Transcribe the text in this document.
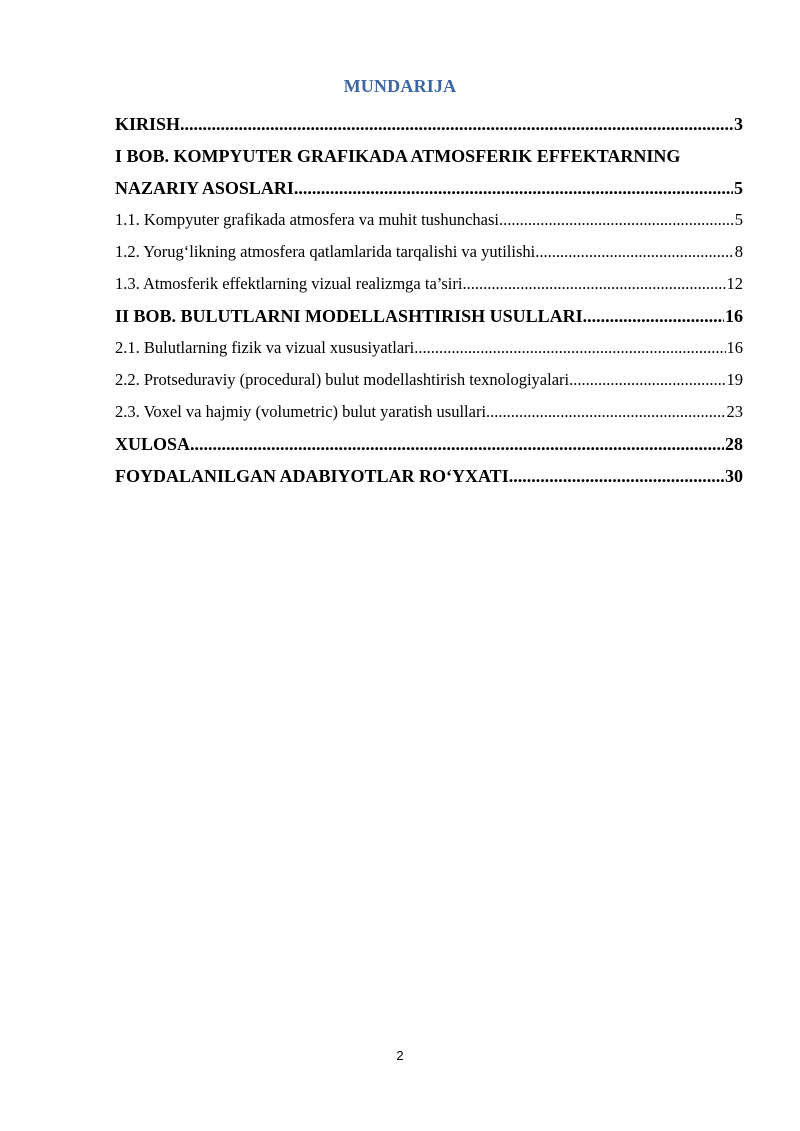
MUNDARIJA
KIRISH .....	3
I BOB. KOMPYUTER GRAFIKADA ATMOSFERIK EFFEKTARNING
NAZARIY ASOSLARI .....	5
1.1. Kompyuter grafikada atmosfera va muhit tushunchasi .....	5
1.2. Yorug‘likning atmosfera qatlamlarida tarqalishi va yutilishi .....	8
1.3. Atmosferik effektlarning vizual realizmga ta’siri .....	12
II BOB. BULUTLARNI MODELLASHTIRISH USULLARI .....	16
2.1. Bulutlarning fizik va vizual xususiyatlari .....	16
2.2. Protseduraviy (procedural) bulut modellashtirish texnologiyalari .....	19
2.3. Voxel va hajmiy (volumetric) bulut yaratish usullari .....	23
XULOSA .....	28
FOYDALANILGAN ADABIYOTLAR RO‘YXATI .....	30
2
